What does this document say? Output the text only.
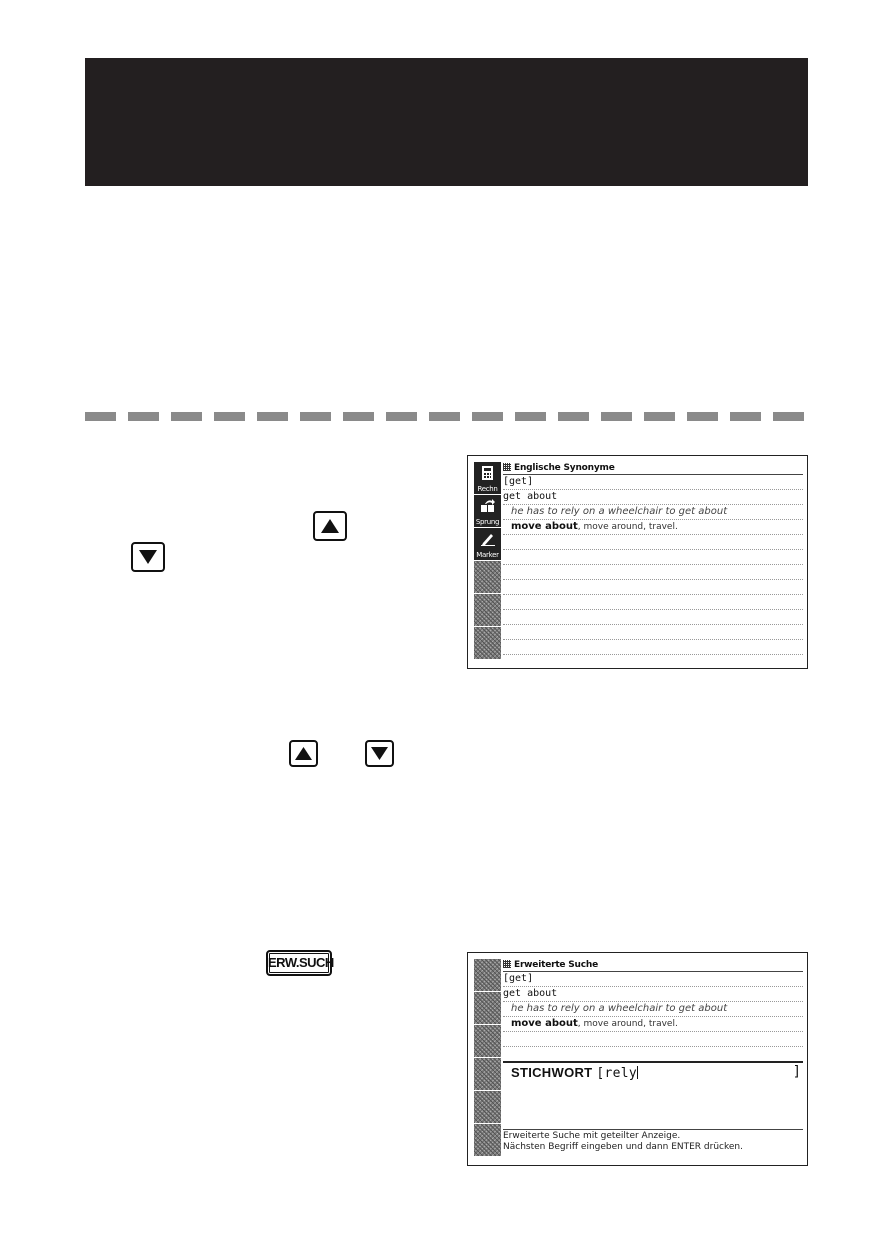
ERW.SUCH
Rechn
Sprung
Marker
Englische Synonyme
[get]
get about
he has to rely on a wheelchair to get about
move about, move around, travel.
Erweiterte Suche
[get]
get about
he has to rely on a wheelchair to get about
move about, move around, travel.
STICHWORT [rely	]
Erweiterte Suche mit geteilter Anzeige.
Nächsten Begriff eingeben und dann ENTER drücken.
